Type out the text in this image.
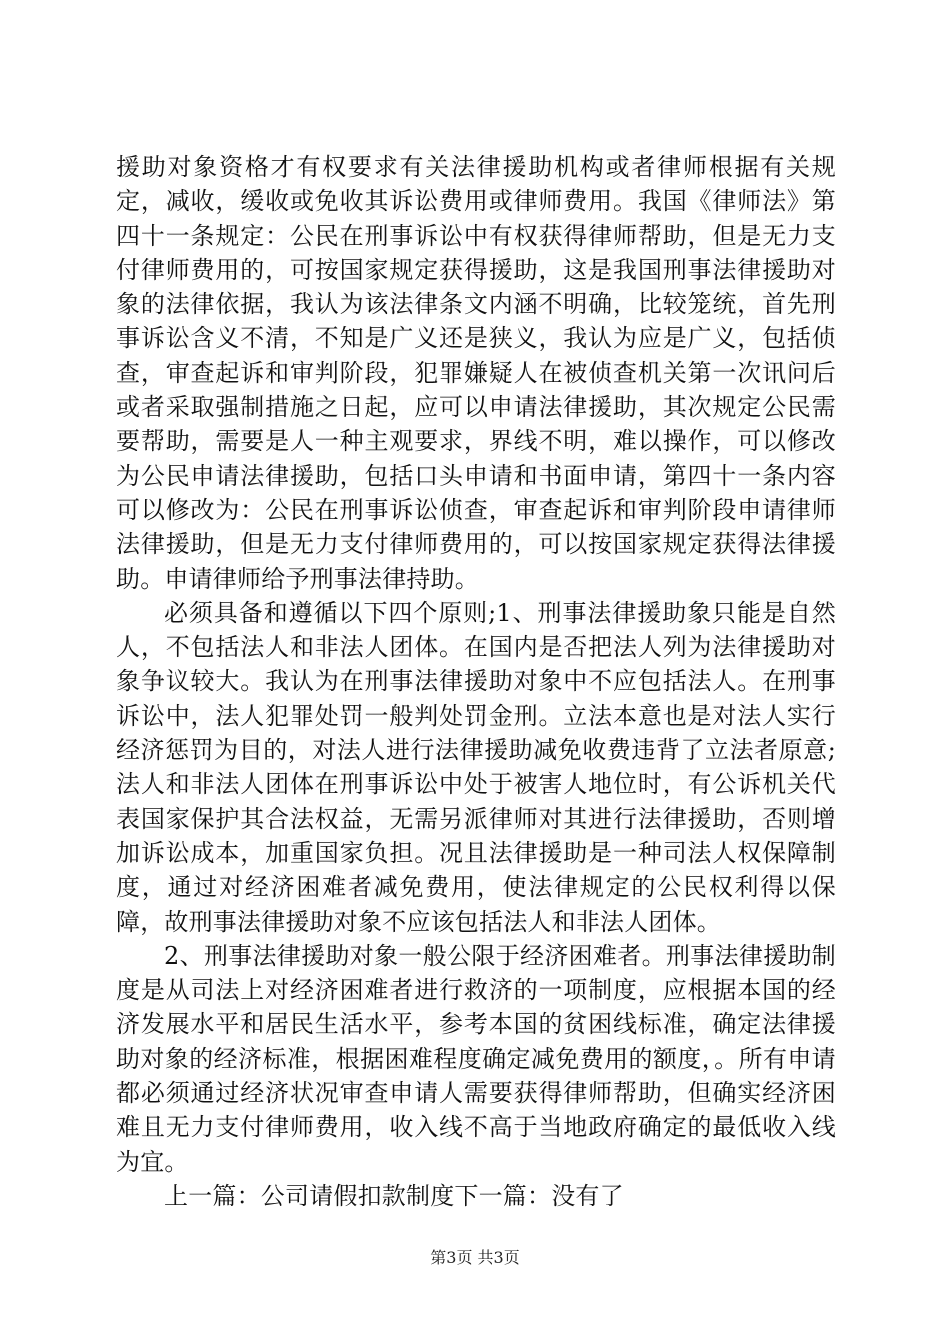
援助对象资格才有权要求有关法律援助机构或者律师根据有关规定，减收，缓收或免收其诉讼费用或律师费用。我国《律师法》第四十一条规定：公民在刑事诉讼中有权获得律师帮助，但是无力支付律师费用的，可按国家规定获得援助，这是我国刑事法律援助对象的法律依据，我认为该法律条文内涵不明确，比较笼统，首先刑事诉讼含义不清，不知是广义还是狭义，我认为应是广义，包括侦查，审查起诉和审判阶段，犯罪嫌疑人在被侦查机关第一次讯问后或者采取强制措施之日起，应可以申请法律援助，其次规定公民需要帮助，需要是人一种主观要求，界线不明，难以操作，可以修改为公民申请法律援助，包括口头申请和书面申请，第四十一条内容可以修改为：公民在刑事诉讼侦查，审查起诉和审判阶段申请律师法律援助，但是无力支付律师费用的，可以按国家规定获得法律援助。申请律师给予刑事法律持助。

必须具备和遵循以下四个原则;1、刑事法律援助象只能是自然人，不包括法人和非法人团体。在国内是否把法人列为法律援助对象争议较大。我认为在刑事法律援助对象中不应包括法人。在刑事诉讼中，法人犯罪处罚一般判处罚金刑。立法本意也是对法人实行经济惩罚为目的，对法人进行法律援助减免收费违背了立法者原意;法人和非法人团体在刑事诉讼中处于被害人地位时，有公诉机关代表国家保护其合法权益，无需另派律师对其进行法律援助，否则增加诉讼成本，加重国家负担。况且法律援助是一种司法人权保障制度，通过对经济困难者减免费用，使法律规定的公民权利得以保障，故刑事法律援助对象不应该包括法人和非法人团体。

2、刑事法律援助对象一般公限于经济困难者。刑事法律援助制度是从司法上对经济困难者进行救济的一项制度，应根据本国的经济发展水平和居民生活水平，参考本国的贫困线标准，确定法律援助对象的经济标准，根据困难程度确定减免费用的额度，。所有申请都必须通过经济状况审查申请人需要获得律师帮助，但确实经济困难且无力支付律师费用，收入线不高于当地政府确定的最低收入线为宜。

上一篇：公司请假扣款制度下一篇：没有了

第3页 共3页
